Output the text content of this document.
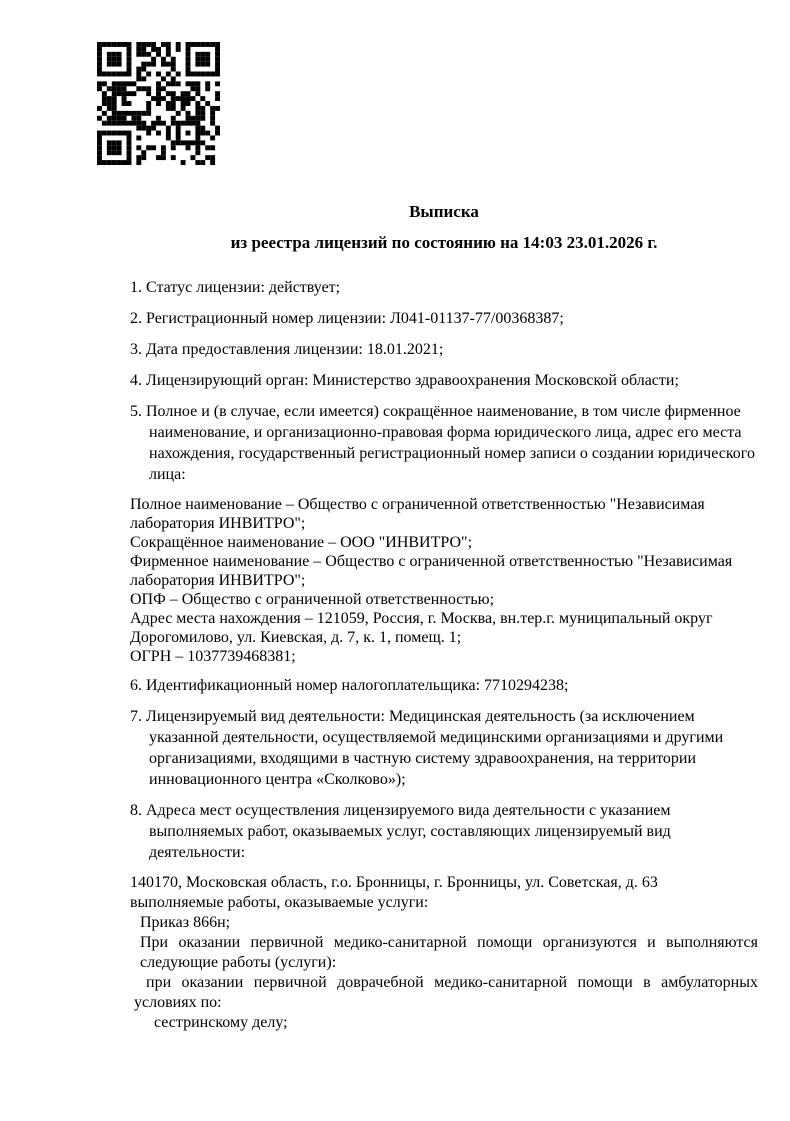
Выписка
из реестра лицензий по состоянию на 14:03 23.01.2026 г.

1. Статус лицензии: действует;

2. Регистрационный номер лицензии: Л041-01137-77/00368387;

3. Дата предоставления лицензии: 18.01.2021;

4. Лицензирующий орган: Министерство здравоохранения Московской области;

5. Полное и (в случае, если имеется) сокращённое наименование, в том числе фирменное наименование, и организационно-правовая форма юридического лица, адрес его места нахождения, государственный регистрационный номер записи о создании юридического лица:

Полное наименование – Общество с ограниченной ответственностью "Независимая лаборатория ИНВИТРО";
Сокращённое наименование – ООО "ИНВИТРО";
Фирменное наименование – Общество с ограниченной ответственностью "Независимая лаборатория ИНВИТРО";
ОПФ – Общество с ограниченной ответственностью;
Адрес места нахождения – 121059, Россия, г. Москва, вн.тер.г. муниципальный округ Дорогомилово, ул. Киевская, д. 7, к. 1, помещ. 1;
ОГРН – 1037739468381;

6. Идентификационный номер налогоплательщика: 7710294238;

7. Лицензируемый вид деятельности: Медицинская деятельность (за исключением указанной деятельности, осуществляемой медицинскими организациями и другими организациями, входящими в частную систему здравоохранения, на территории инновационного центра «Сколково»);

8. Адреса мест осуществления лицензируемого вида деятельности с указанием выполняемых работ, оказываемых услуг, составляющих лицензируемый вид деятельности:

140170, Московская область, г.о. Бронницы, г. Бронницы, ул. Советская, д. 63
выполняемые работы, оказываемые услуги:
Приказ 866н;

При оказании первичной медико-санитарной помощи организуются и выполняются следующие работы (услуги):

при оказании первичной доврачебной медико-санитарной помощи в амбулаторных условиях по:

сестринскому делу;
